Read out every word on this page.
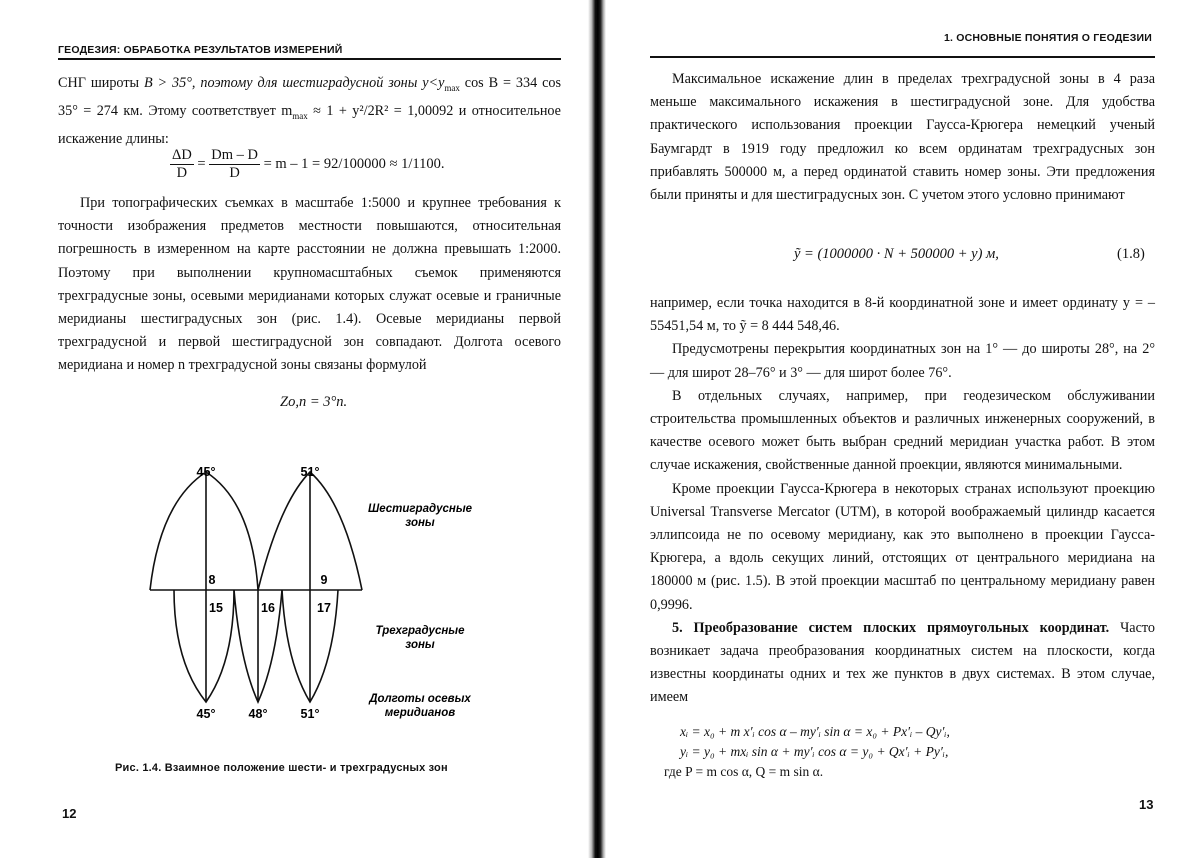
ГЕОДЕЗИЯ: ОБРАБОТКА РЕЗУЛЬТАТОВ ИЗМЕРЕНИЙ

СНГ широты B > 35°, поэтому для шестиградусной зоны $y<y_{max}$ cos B = 334 cos 35° = 274 км. Этому соответствует $m_{max} \approx 1 + y^2/2R^2 = 1,00092$ и относительное искажение длины:

$\frac{\Delta D}{D} = \frac{Dm - D}{D} = m - 1 = 92/100000 \approx 1/1100$.

При топографических съемках в масштабе 1:5000 и крупнее требования к точности изображения предметов местности повышаются, относительная погрешность в измеренном на карте расстоянии не должна превышать 1:2000. Поэтому при выполнении крупномасштабных съемок применяются трехградусные зоны, осевыми меридианами которых служат осевые и граничные меридианы шестиградусных зон (рис. 1.4). Осевые меридианы первой трехградусной и первой шестиградусной зон совпадают. Долгота осевого меридиана и номер n трехградусной зоны связаны формулой

Zo,n = 3°n.
45°	51°
8	9
15	16	17
45°	48°	51°
Шестиградусные
зоны
Трехградусные
зоны
Долготы осевых
меридианов
Рис. 1.4. Взаимное положение шести- и трехградусных зон
12
1. ОСНОВНЫЕ ПОНЯТИЯ О ГЕОДЕЗИИ

Максимальное искажение длин в пределах трехградусной зоны в 4 раза меньше максимального искажения в шестиградусной зоне. Для удобства практического использования проекции Гаусса-Крюгера немецкий ученый Баумгардт в 1919 году предложил ко всем ординатам трехградусных зон прибавлять 500000 м, а перед ординатой ставить номер зоны. Эти предложения были приняты и для шестиградусных зон. С учетом этого условно принимают

ỹ = (1000000 · N + 500000 + y) м,	(1.8)

например, если точка находится в 8-й координатной зоне и имеет ординату y = –55451,54 м, то ỹ = 8 444 548,46.

Предусмотрены перекрытия координатных зон на 1° — до широты 28°, на 2° — для широт 28–76° и 3° — для широт более 76°.

В отдельных случаях, например, при геодезическом обслуживании строительства промышленных объектов и различных инженерных сооружений, в качестве осевого может быть выбран средний меридиан участка работ. В этом случае искажения, свойственные данной проекции, являются минимальными.

Кроме проекции Гаусса-Крюгера в некоторых странах используют проекцию Universal Transverse Mercator (UTM), в которой воображаемый цилиндр касается эллипсоида не по осевому меридиану, как это выполнено в проекции Гаусса-Крюгера, а вдоль секущих линий, отстоящих от центрального меридиана на 180000 м (рис. 1.5). В этой проекции масштаб по центральному меридиану равен 0,9996.

5. Преобразование систем плоских прямоугольных координат. Часто возникает задача преобразования координатных систем на плоскости, когда известны координаты одних и тех же пунктов в двух системах. В этом случае, имеем

xᵢ = x₀ + m x′ᵢ cos α – my′ᵢ sin α = x₀ + Px′ᵢ – Qy′ᵢ,
yᵢ = y₀ + mxᵢ sin α + my′ᵢ cos α = y₀ + Qx′ᵢ + Py′ᵢ,
где P = m cos α, Q = m sin α.
13
